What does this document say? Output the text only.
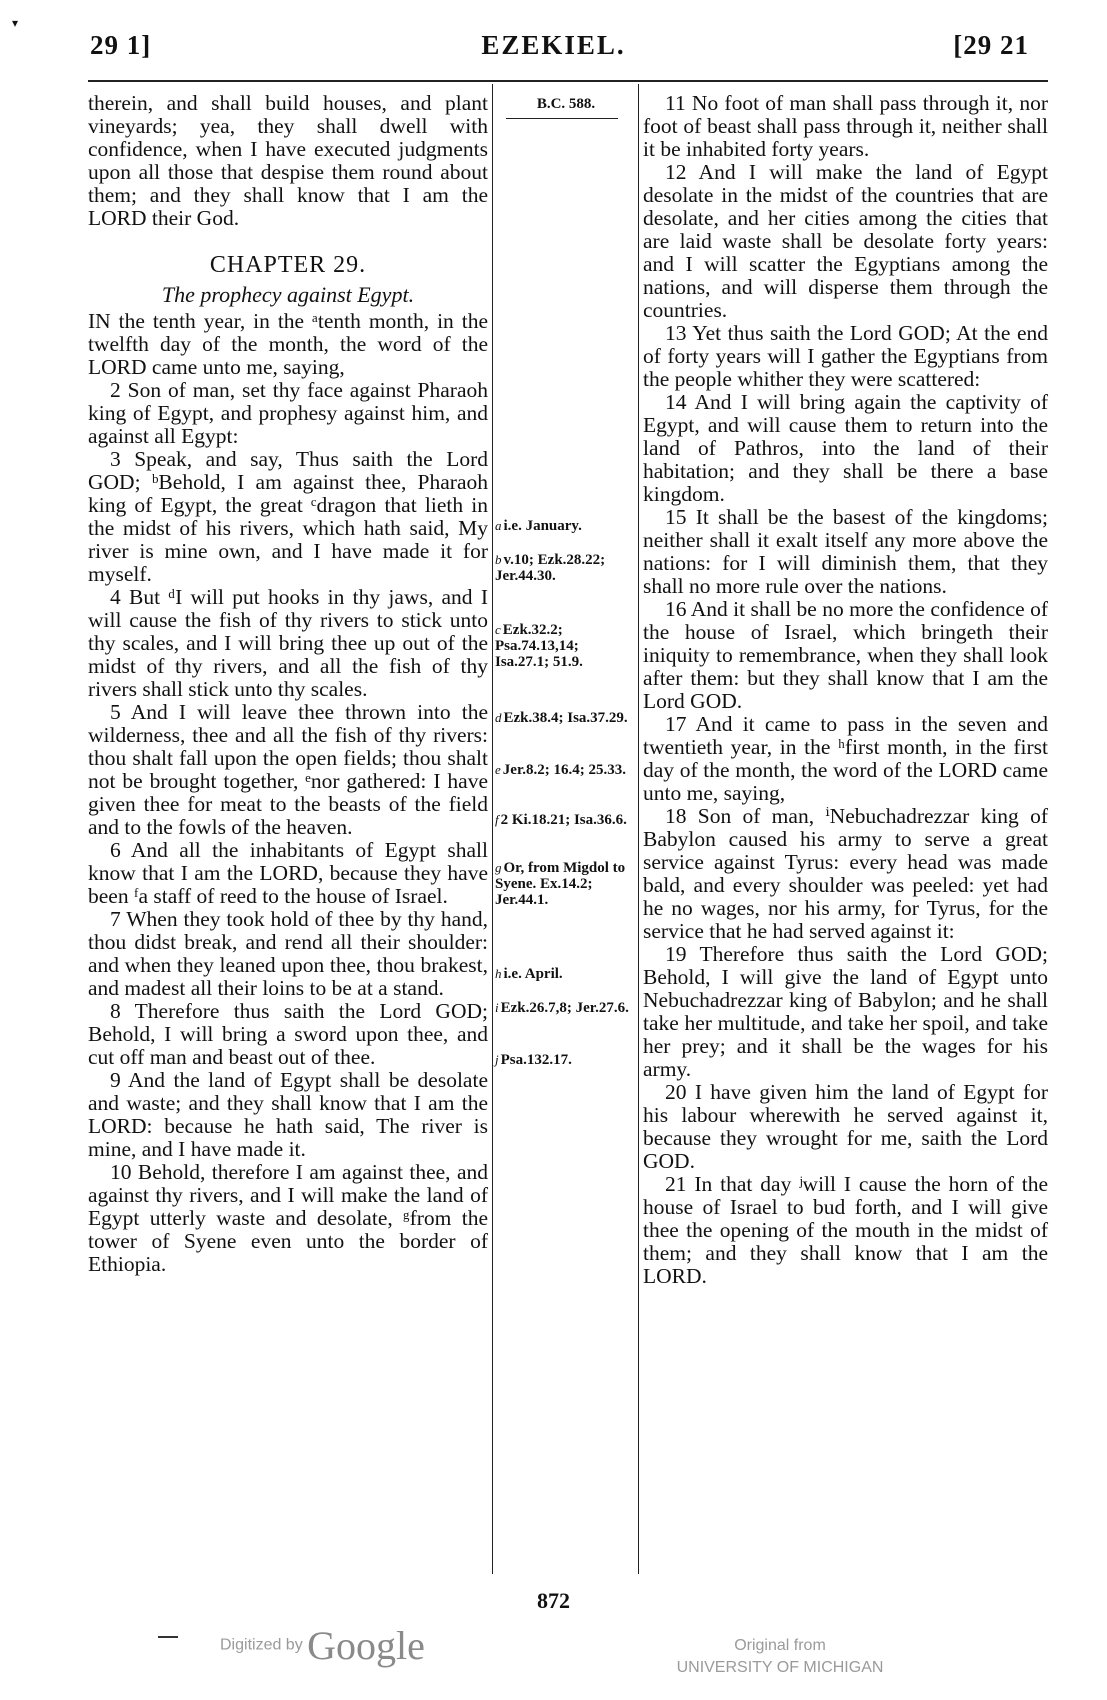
▾
29 1]	EZEKIEL.	[29 21
B.C. 588.
a i.e. January.
b v.10; Ezk.28.22; Jer.44.30.
c Ezk.32.2; Psa.74.13,14; Isa.27.1; 51.9.
d Ezk.38.4; Isa.37.29.
e Jer.8.2; 16.4; 25.33.
f 2 Ki.18.21; Isa.36.6.
g Or, from Migdol to Syene. Ex.14.2; Jer.44.1.
h i.e. April.
i Ezk.26.7,8; Jer.27.6.
j Psa.132.17.

therein, and shall build houses, and plant vineyards; yea, they shall dwell with confidence, when I have executed judgments upon all those that despise them round about them; and they shall know that I am the LORD their God.

CHAPTER 29.
The prophecy against Egypt.

IN the tenth year, in the ᵃtenth month, in the twelfth day of the month, the word of the LORD came unto me, saying,

2 Son of man, set thy face against Pharaoh king of Egypt, and prophesy against him, and against all Egypt:

3 Speak, and say, Thus saith the Lord GOD; ᵇBehold, I am against thee, Pharaoh king of Egypt, the great ᶜdragon that lieth in the midst of his rivers, which hath said, My river is mine own, and I have made it for myself.

4 But ᵈI will put hooks in thy jaws, and I will cause the fish of thy rivers to stick unto thy scales, and I will bring thee up out of the midst of thy rivers, and all the fish of thy rivers shall stick unto thy scales.

5 And I will leave thee thrown into the wilderness, thee and all the fish of thy rivers: thou shalt fall upon the open fields; thou shalt not be brought together, ᵉnor gathered: I have given thee for meat to the beasts of the field and to the fowls of the heaven.

6 And all the inhabitants of Egypt shall know that I am the LORD, because they have been ᶠa staff of reed to the house of Israel.

7 When they took hold of thee by thy hand, thou didst break, and rend all their shoulder: and when they leaned upon thee, thou brakest, and madest all their loins to be at a stand.

8 Therefore thus saith the Lord GOD; Behold, I will bring a sword upon thee, and cut off man and beast out of thee.

9 And the land of Egypt shall be desolate and waste; and they shall know that I am the LORD: because he hath said, The river is mine, and I have made it.

10 Behold, therefore I am against thee, and against thy rivers, and I will make the land of Egypt utterly waste and desolate, ᵍfrom the tower of Syene even unto the border of Ethiopia.

11 No foot of man shall pass through it, nor foot of beast shall pass through it, neither shall it be inhabited forty years.

12 And I will make the land of Egypt desolate in the midst of the countries that are desolate, and her cities among the cities that are laid waste shall be desolate forty years: and I will scatter the Egyptians among the nations, and will disperse them through the countries.

13 Yet thus saith the Lord GOD; At the end of forty years will I gather the Egyptians from the people whither they were scattered:

14 And I will bring again the captivity of Egypt, and will cause them to return into the land of Pathros, into the land of their habitation; and they shall be there a base kingdom.

15 It shall be the basest of the kingdoms; neither shall it exalt itself any more above the nations: for I will diminish them, that they shall no more rule over the nations.

16 And it shall be no more the confidence of the house of Israel, which bringeth their iniquity to remembrance, when they shall look after them: but they shall know that I am the Lord GOD.

17 And it came to pass in the seven and twentieth year, in the ʰfirst month, in the first day of the month, the word of the LORD came unto me, saying,

18 Son of man, ⁱNebuchadrezzar king of Babylon caused his army to serve a great service against Tyrus: every head was made bald, and every shoulder was peeled: yet had he no wages, nor his army, for Tyrus, for the service that he had served against it:

19 Therefore thus saith the Lord GOD; Behold, I will give the land of Egypt unto Nebuchadrezzar king of Babylon; and he shall take her multitude, and take her spoil, and take her prey; and it shall be the wages for his army.

20 I have given him the land of Egypt for his labour wherewith he served against it, because they wrought for me, saith the Lord GOD.

21 In that day ʲwill I cause the horn of the house of Israel to bud forth, and I will give thee the opening of the mouth in the midst of them; and they shall know that I am the LORD.

872
Digitized by Google	Original from
UNIVERSITY OF MICHIGAN
